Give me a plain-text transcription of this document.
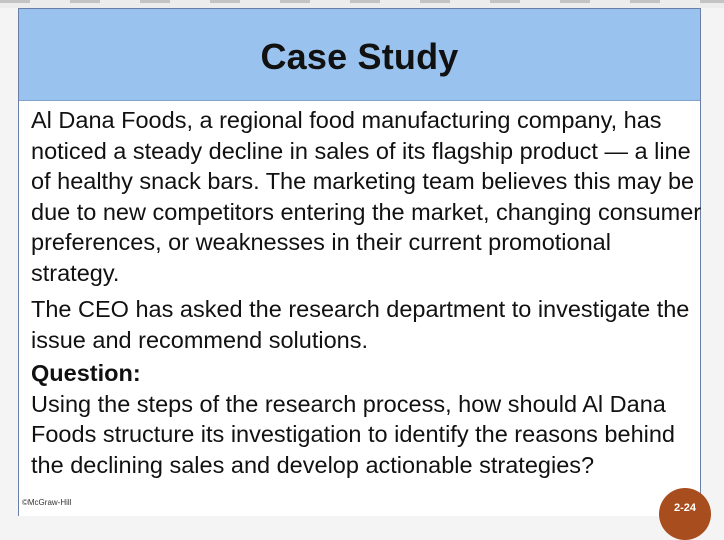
Case Study

Al Dana Foods, a regional food manufacturing company, has noticed a steady decline in sales of its flagship product — a line of healthy snack bars. The marketing team believes this may be due to new competitors entering the market, changing consumer preferences, or weaknesses in their current promotional strategy.

The CEO has asked the research department to investigate the issue and recommend solutions.

Question:

Using the steps of the research process, how should Al Dana Foods structure its investigation to identify the reasons behind the declining sales and develop actionable strategies?

©McGraw-Hill	2-24
